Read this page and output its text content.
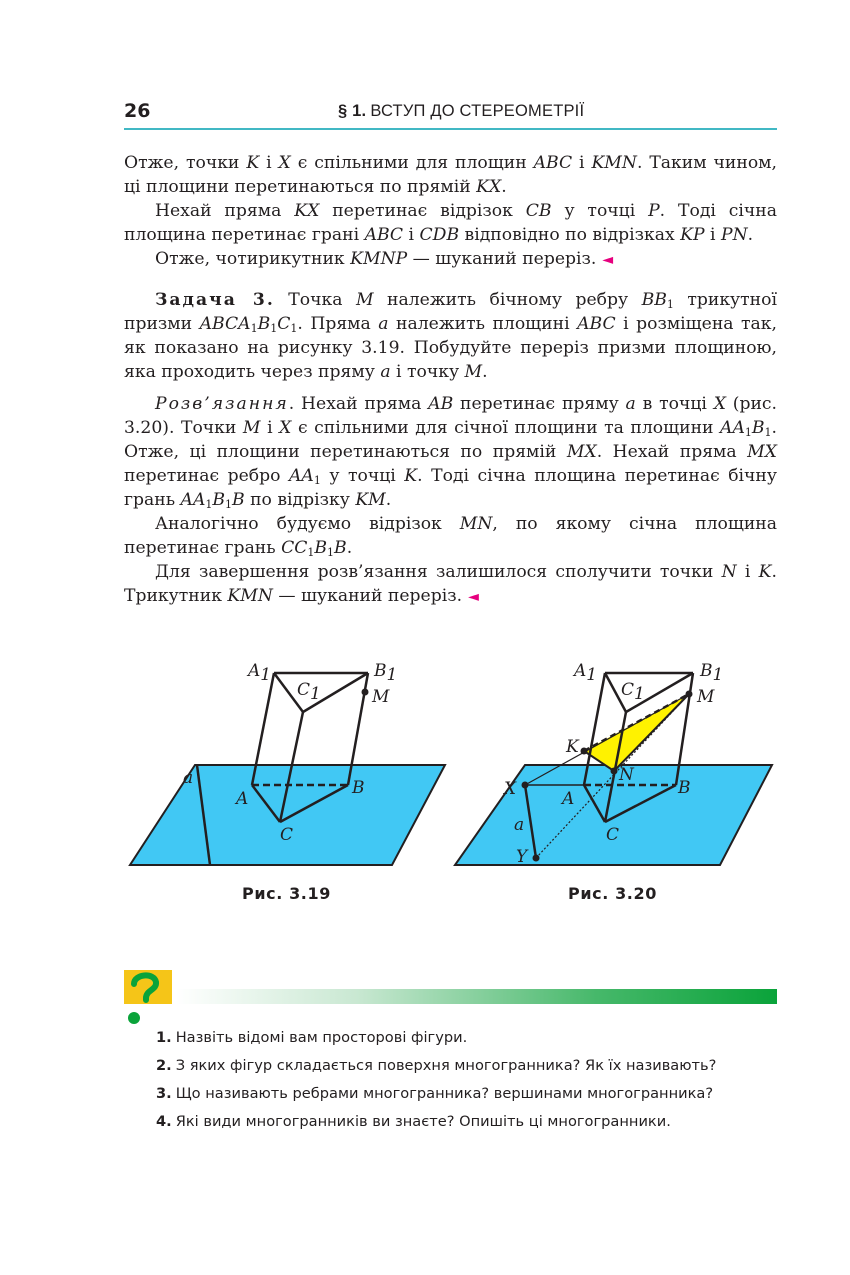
26	§ 1. ВСТУП ДО СТЕРЕОМЕТРІЇ
Отже, точки K і X є спільними для площин ABC і KMN. Таким чином, ці площини перетинаються по прямій KX.
Нехай пряма KX перетинає відрізок CB у точці P. Тоді січна площина перетинає грані ABC і CDB відповідно по відрізках KP і PN.
Отже, чотирикутник KMNP — шуканий переріз. ◄
Задача 3. Точка M належить бічному ребру $BB_1$ трикутної призми $ABCA_1B_1C_1$. Пряма a належить площині ABC і розміщена так, як показано на рисунку 3.19. Побудуйте переріз призми площиною, яка проходить через пряму a і точку M.
Розв’язання. Нехай пряма AB перетинає пряму a в точці X (рис. 3.20). Точки M і X є спільними для січної площини та площини $AA_1B_1$. Отже, ці площини перетинаються по прямій MX. Нехай пряма MX перетинає ребро $AA_1$ у точці K. Тоді січна площина перетинає бічну грань $AA_1B_1B$ по відрізку KM.
Аналогічно будуємо відрізок MN, по якому січна площина перетинає грань $CC_1B_1B$.
Для завершення розв’язання залишилося сполучити точки N і K. Трикутник KMN — шуканий переріз. ◄
A1	B1
C1	M
A
B
C
a
Рис. 3.19
A1	B1
C1	M
K
N
X	A
B
C
a
Y
Рис. 3.20
1. Назвіть відомі вам просторові фігури.
2. З яких фігур складається поверхня многогранника? Як їх називають?
3. Що називають ребрами многогранника? вершинами многогранника?
4. Які види многогранників ви знаєте? Опишіть ці многогранники.
